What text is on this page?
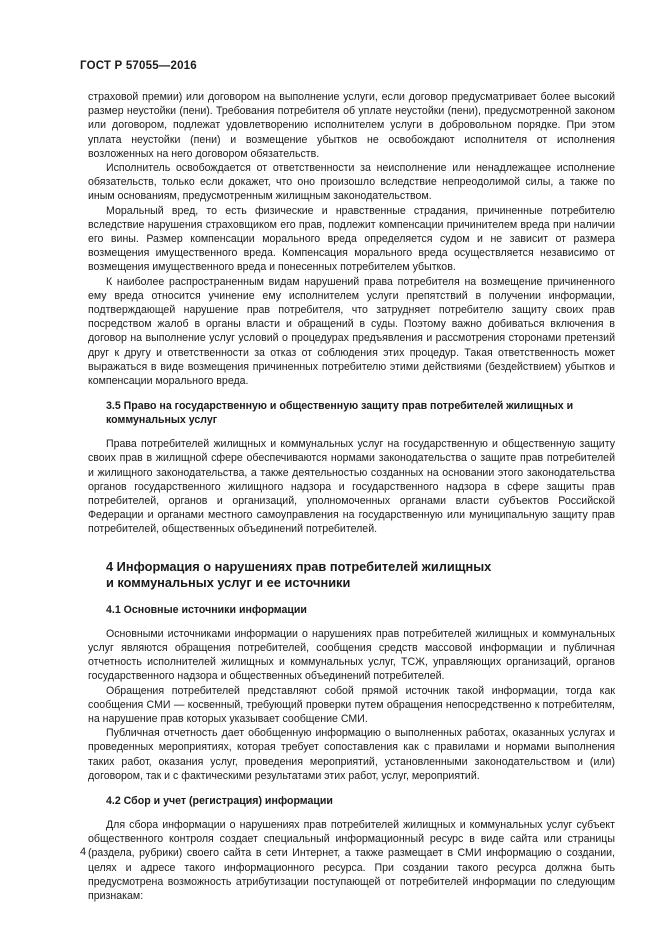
ГОСТ Р 57055—2016

страховой премии) или договором на выполнение услуги, если договор предусматривает более высокий размер неустойки (пени). Требования потребителя об уплате неустойки (пени), предусмотренной законом или договором, подлежат удовлетворению исполнителем услуги в добровольном порядке. При этом уплата неустойки (пени) и возмещение убытков не освобождают исполнителя от исполнения возложенных на него договором обязательств.

Исполнитель освобождается от ответственности за неисполнение или ненадлежащее исполнение обязательств, только если докажет, что оно произошло вследствие непреодолимой силы, а также по иным основаниям, предусмотренным жилищным законодательством.

Моральный вред, то есть физические и нравственные страдания, причиненные потребителю вследствие нарушения страховщиком его прав, подлежит компенсации причинителем вреда при наличии его вины. Размер компенсации морального вреда определяется судом и не зависит от размера возмещения имущественного вреда. Компенсация морального вреда осуществляется независимо от возмещения имущественного вреда и понесенных потребителем убытков.

К наиболее распространенным видам нарушений права потребителя на возмещение причиненного ему вреда относится учинение ему исполнителем услуги препятствий в получении информации, подтверждающей нарушение прав потребителя, что затрудняет потребителю защиту своих прав посредством жалоб в органы власти и обращений в суды. Поэтому важно добиваться включения в договор на выполнение услуг условий о процедурах предъявления и рассмотрения сторонами претензий друг к другу и ответственности за отказ от соблюдения этих процедур. Такая ответственность может выражаться в виде возмещения причиненных потребителю этими действиями (бездействием) убытков и компенсации морального вреда.

3.5 Право на государственную и общественную защиту прав потребителей жилищных и коммунальных услуг

Права потребителей жилищных и коммунальных услуг на государственную и общественную защиту своих прав в жилищной сфере обеспечиваются нормами законодательства о защите прав потребителей и жилищного законодательства, а также деятельностью созданных на основании этого законодательства органов государственного жилищного надзора и государственного надзора в сфере защиты прав потребителей, органов и организаций, уполномоченных органами власти субъектов Российской Федерации и органами местного самоуправления на государственную или муниципальную защиту прав потребителей, общественных объединений потребителей.

4 Информация о нарушениях прав потребителей жилищных
и коммунальных услуг и ее источники
4.1 Основные источники информации

Основными источниками информации о нарушениях прав потребителей жилищных и коммунальных услуг являются обращения потребителей, сообщения средств массовой информации и публичная отчетность исполнителей жилищных и коммунальных услуг, ТСЖ, управляющих организаций, органов государственного надзора и общественных объединений потребителей.

Обращения потребителей представляют собой прямой источник такой информации, тогда как сообщения СМИ — косвенный, требующий проверки путем обращения непосредственно к потребителям, на нарушение прав которых указывает сообщение СМИ.

Публичная отчетность дает обобщенную информацию о выполненных работах, оказанных услугах и проведенных мероприятиях, которая требует сопоставления как с правилами и нормами выполнения таких работ, оказания услуг, проведения мероприятий, установленными законодательством и (или) договором, так и с фактическими результатами этих работ, услуг, мероприятий.

4.2 Сбор и учет (регистрация) информации

Для сбора информации о нарушениях прав потребителей жилищных и коммунальных услуг субъект общественного контроля создает специальный информационный ресурс в виде сайта или страницы (раздела, рубрики) своего сайта в сети Интернет, а также размещает в СМИ информацию о создании, целях и адресе такого информационного ресурса. При создании такого ресурса должна быть предусмотрена возможность атрибутизации поступающей от потребителей информации по следующим признакам:

4
